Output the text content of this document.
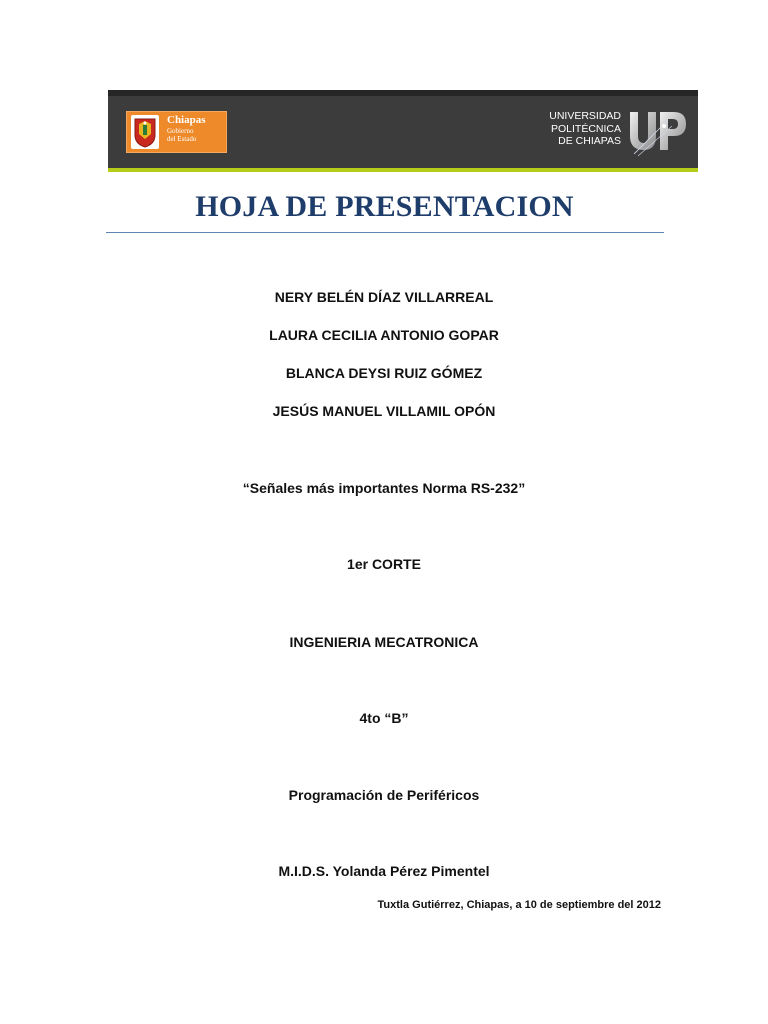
Chiapas
Gobierno
del Estado
UNIVERSIDAD
POLITÉCNICA
DE CHIAPAS
HOJA DE PRESENTACION
NERY BELÉN DÍAZ VILLARREAL
LAURA CECILIA ANTONIO GOPAR
BLANCA DEYSI RUIZ GÓMEZ
JESÚS MANUEL VILLAMIL OPÓN
“Señales más importantes Norma RS-232”
1er CORTE
INGENIERIA MECATRONICA
4to “B”
Programación de Periféricos
M.I.D.S. Yolanda Pérez Pimentel
Tuxtla Gutiérrez, Chiapas, a 10 de septiembre del 2012
